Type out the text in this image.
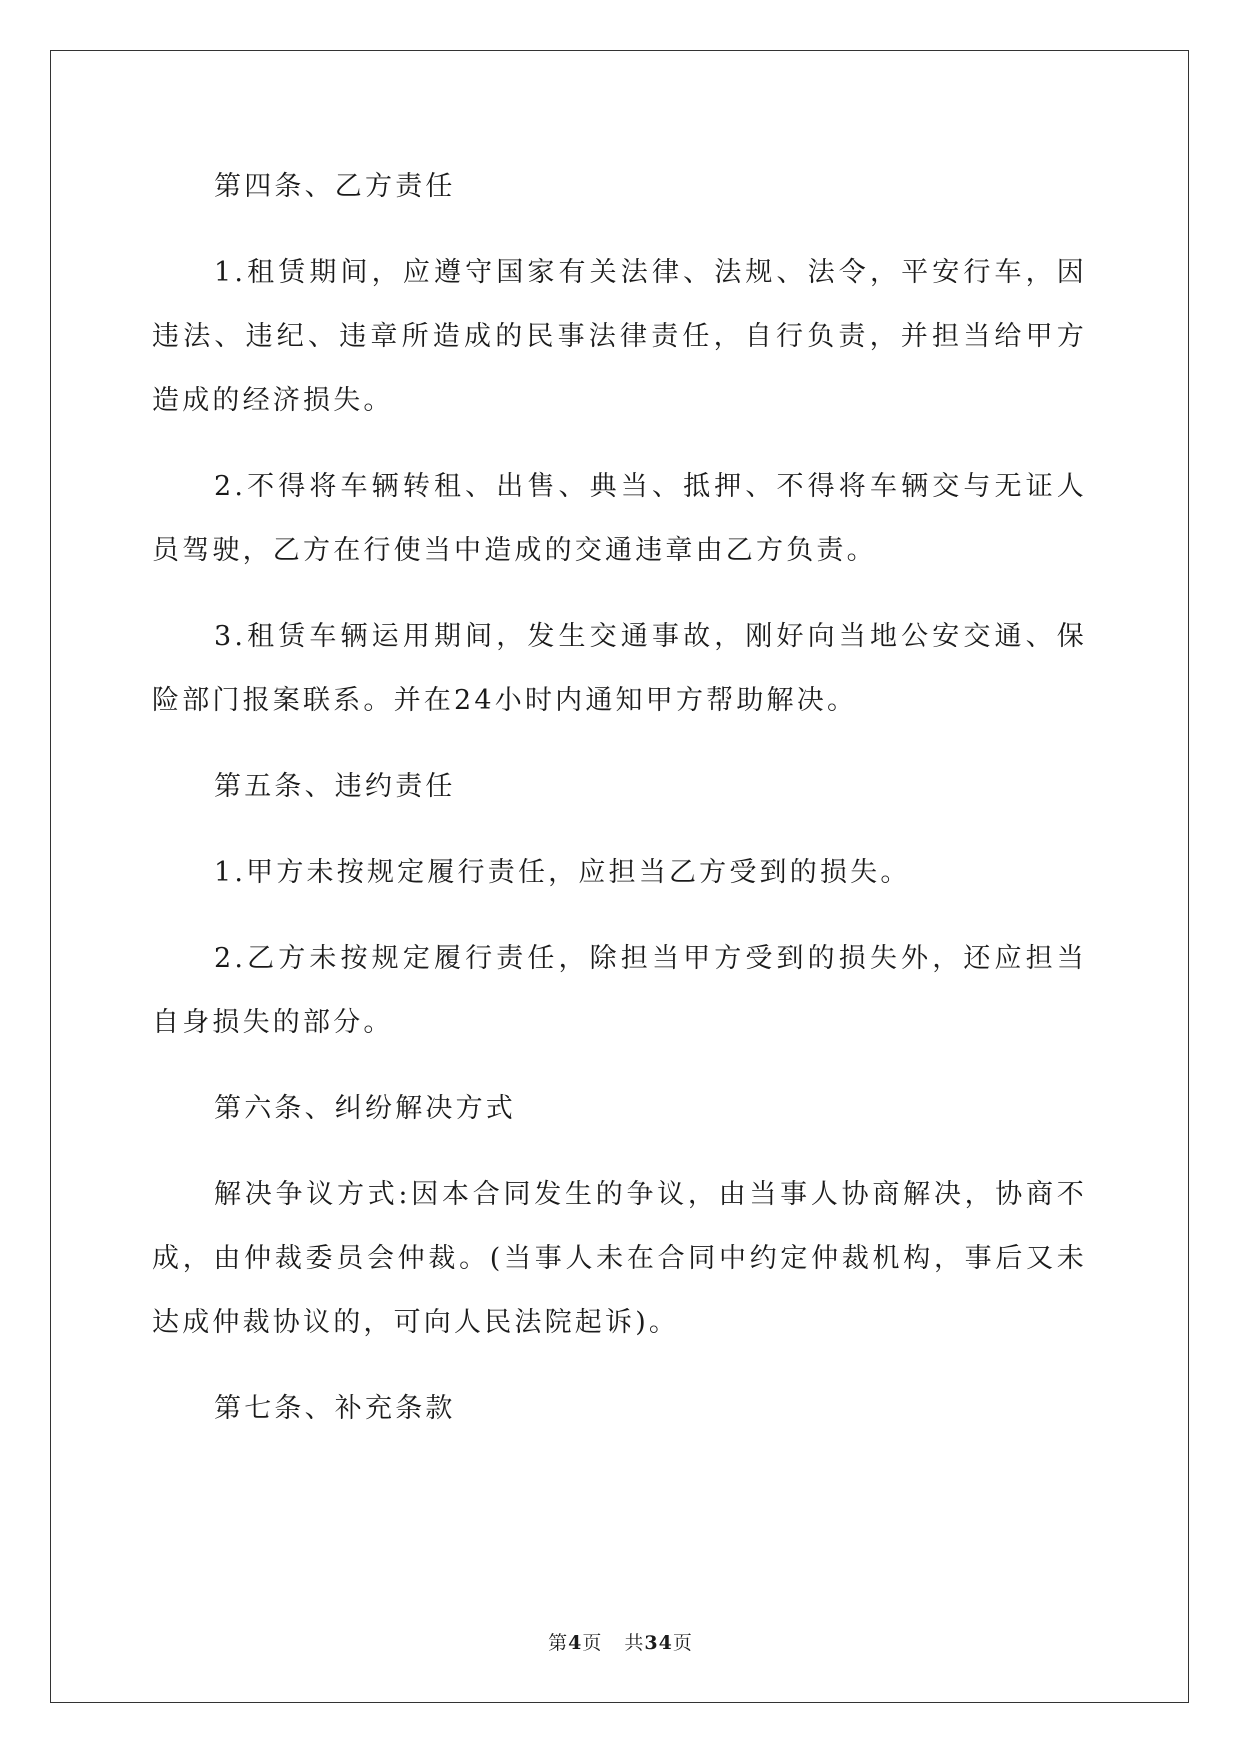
第四条、乙方责任

1.租赁期间，应遵守国家有关法律、法规、法令，平安行车，因违法、违纪、违章所造成的民事法律责任，自行负责，并担当给甲方造成的经济损失。

2.不得将车辆转租、出售、典当、抵押、不得将车辆交与无证人员驾驶，乙方在行使当中造成的交通违章由乙方负责。

3.租赁车辆运用期间，发生交通事故，刚好向当地公安交通、保险部门报案联系。并在24小时内通知甲方帮助解决。

第五条、违约责任

1.甲方未按规定履行责任，应担当乙方受到的损失。

2.乙方未按规定履行责任，除担当甲方受到的损失外，还应担当自身损失的部分。

第六条、纠纷解决方式

解决争议方式:因本合同发生的争议，由当事人协商解决，协商不成，由仲裁委员会仲裁。(当事人未在合同中约定仲裁机构，事后又未达成仲裁协议的，可向人民法院起诉)。

第七条、补充条款

第4页 共34页
